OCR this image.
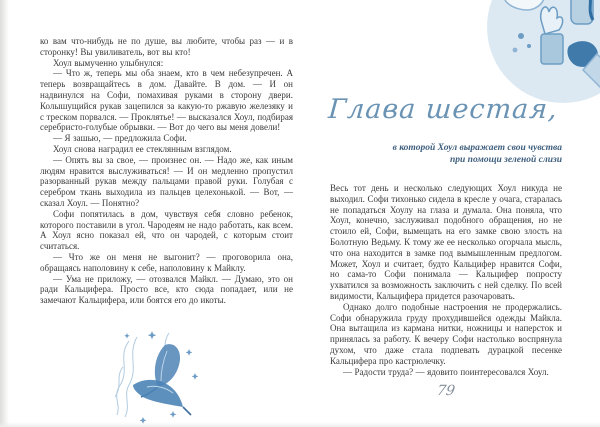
ко вам что-нибудь не по душе, вы любите, чтобы раз — и в сторонку! Вы увиливатель, вот вы кто!

Хоул вымученно улыбнулся:

— Что ж, теперь мы оба знаем, кто в чем небезупречен. А теперь возвращайтесь в дом. Давайте. В дом. — И он надвинулся на Софи, помахивая руками в сторону двери. Колышущийся рукав зацепился за какую-то ржавую железяку и с треском порвался. — Проклятье! — высказался Хоул, подбирая серебристо-голубые обрывки. — Вот до чего вы меня довели!

— Я зашью, — предложила Софи.

Хоул снова наградил ее стеклянным взглядом.

— Опять вы за свое, — произнес он. — Надо же, как иным людям нравится выслуживаться! — И он медленно пропустил разорванный рукав между пальцами правой руки. Голубая с серебром ткань выходила из пальцев целехонькой. — Вот, — сказал Хоул. — Понятно?

Софи попятилась в дом, чувствуя себя словно ребенок, которого поставили в угол. Чародеям не надо работать, как всем. А Хоул ясно показал ей, что он чародей, с которым стоит считаться.

— Что же он меня не выгонит? — проговорила она, обращаясь наполовину к себе, наполовину к Майклу.

— Ума не приложу, — отозвался Майкл. — Думаю, это он ради Кальцифера. Просто все, кто сюда попадает, или не замечают Кальцифера, или боятся его до икоты.

Глава шестая,
в которой Хоул выражает свои чувства
при помощи зеленой слизи

Весь тот день и несколько следующих Хоул никуда не выходил. Софи тихонько сидела в кресле у очага, старалась не попадаться Хоулу на глаза и думала. Она поняла, что Хоул, конечно, заслуживал подобного обращения, но не стоило ей, Софи, вымещать на его замке свою злость на Болотную Ведьму. К тому же ее несколько огорчала мысль, что она находится в замке под вымышленным предлогом. Может, Хоул и считает, будто Кальцифер нравится Софи, но сама-то Софи понимала — Кальцифер попросту ухватился за возможность заключить с ней сделку. По всей видимости, Кальцифера придется разочаровать.

Однако долго подобные настроения не продержались. Софи обнаружила груду прохудившейся одежды Майкла. Она вытащила из кармана нитки, ножницы и наперсток и принялась за работу. К вечеру Софи настолько воспрянула духом, что даже стала подпевать дурацкой песенке Кальцифера про кастрюлечку.

— Радости труда? — ядовито поинтересовался Хоул.

79
